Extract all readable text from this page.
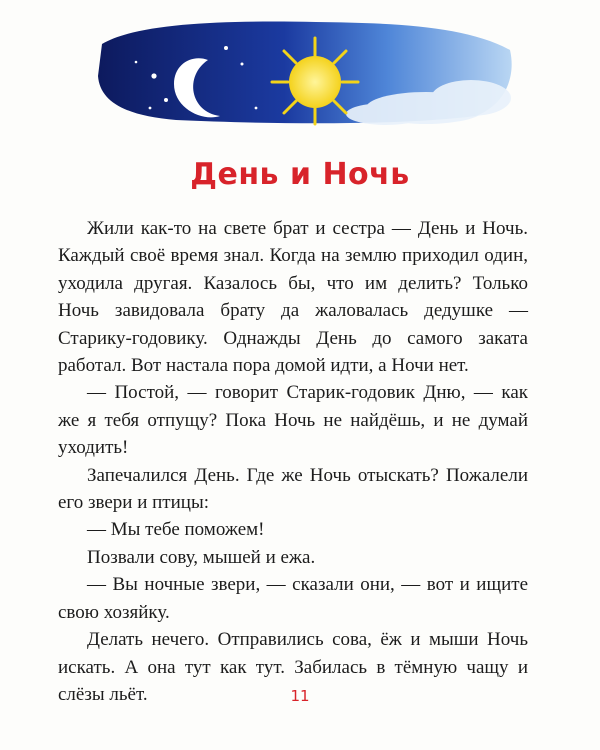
День и Ночь

Жили как-то на свете брат и сестра — День и Ночь. Каждый своё время знал. Когда на землю приходил один, уходила другая. Казалось бы, что им делить? Только Ночь завидовала брату да жаловалась дедушке — Старику-годовику. Однажды День до самого заката работал. Вот настала пора домой идти, а Ночи нет.

— Постой, — говорит Старик-годовик Дню, — как же я тебя отпущу? Пока Ночь не найдёшь, и не думай уходить!

Запечалился День. Где же Ночь отыскать? Пожалели его звери и птицы:

— Мы тебе поможем!

Позвали сову, мышей и ежа.

— Вы ночные звери, — сказали они, — вот и ищите свою хозяйку.

Делать нечего. Отправились сова, ёж и мыши Ночь искать. А она тут как тут. Забилась в тёмную чащу и слёзы льёт.	11
